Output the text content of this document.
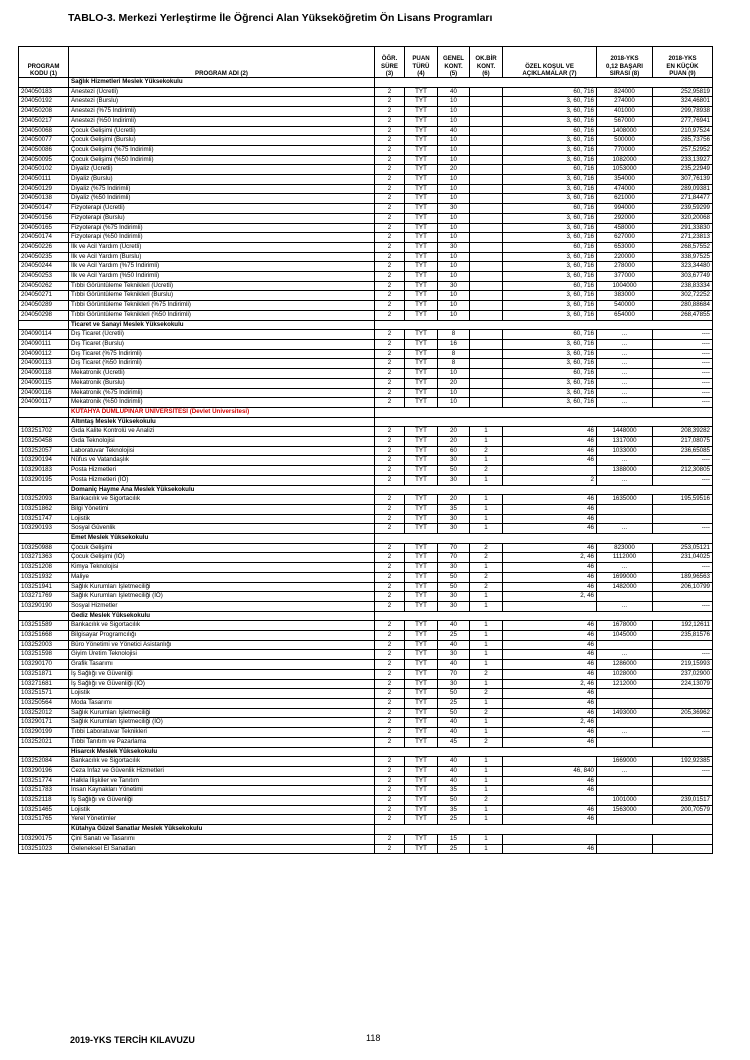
TABLO-3. Merkezi Yerleştirme İle Öğrenci Alan Yükseköğretim Ön Lisans Programları
PROGRAM
KODU (1)	PROGRAM ADI (2)	ÖĞR.
SÜRE
(3)	PUAN
TÜRÜ
(4)	GENEL
KONT.
(5)	OK.BİR
KONT.
(6)	ÖZEL KOŞUL VE
AÇIKLAMALAR (7)	2018-YKS
0,12 BAŞARI
SIRASI (8)	2018-YKS
EN KÜÇÜK
PUAN (9)
	Sağlık Hizmetleri Meslek Yüksekokulu							
204050183	Anestezi (Ücretli)	2	TYT	40		60, 716	824000	252,95819
204050192	Anestezi (Burslu)	2	TYT	10		3, 60, 716	274000	324,46801
204050208	Anestezi (%75 İndirimli)	2	TYT	10		3, 60, 716	401000	299,78938
204050217	Anestezi (%50 İndirimli)	2	TYT	10		3, 60, 716	567000	277,76941
204050068	Çocuk Gelişimi (Ücretli)	2	TYT	40		60, 716	1408000	210,97524
204050077	Çocuk Gelişimi (Burslu)	2	TYT	10		3, 60, 716	500000	285,73756
204050086	Çocuk Gelişimi (%75 İndirimli)	2	TYT	10		3, 60, 716	770000	257,52952
204050095	Çocuk Gelişimi (%50 İndirimli)	2	TYT	10		3, 60, 716	1082000	233,13927
204050102	Diyaliz (Ücretli)	2	TYT	20		60, 716	1053000	235,22949
204050111	Diyaliz (Burslu)	2	TYT	10		3, 60, 716	354000	307,76139
204050129	Diyaliz (%75 İndirimli)	2	TYT	10		3, 60, 716	474000	289,09381
204050138	Diyaliz (%50 İndirimli)	2	TYT	10		3, 60, 716	621000	271,84477
204050147	Fizyoterapi (Ücretli)	2	TYT	30		60, 716	994000	239,59299
204050156	Fizyoterapi (Burslu)	2	TYT	10		3, 60, 716	292000	320,20068
204050165	Fizyoterapi (%75 İndirimli)	2	TYT	10		3, 60, 716	458000	291,33830
204050174	Fizyoterapi (%50 İndirimli)	2	TYT	10		3, 60, 716	627000	271,23813
204050226	İlk ve Acil Yardım (Ücretli)	2	TYT	30		60, 716	653000	268,57552
204050235	İlk ve Acil Yardım (Burslu)	2	TYT	10		3, 60, 716	220000	338,97525
204050244	İlk ve Acil Yardım (%75 İndirimli)	2	TYT	10		3, 60, 716	278000	323,34480
204050253	İlk ve Acil Yardım (%50 İndirimli)	2	TYT	10		3, 60, 716	377000	303,67749
204050262	Tıbbi Görüntüleme Teknikleri (Ücretli)	2	TYT	30		60, 716	1004000	238,83334
204050271	Tıbbi Görüntüleme Teknikleri (Burslu)	2	TYT	10		3, 60, 716	383000	302,72252
204050289	Tıbbi Görüntüleme Teknikleri (%75 İndirimli)	2	TYT	10		3, 60, 716	540000	280,88684
204050298	Tıbbi Görüntüleme Teknikleri (%50 İndirimli)	2	TYT	10		3, 60, 716	654000	268,47855
	Ticaret ve Sanayi Meslek Yüksekokulu							
204090114	Dış Ticaret (Ücretli)	2	TYT	8		60, 716	...	----
204090111	Dış Ticaret (Burslu)	2	TYT	16		3, 60, 716	...	----
204090112	Dış Ticaret (%75 İndirimli)	2	TYT	8		3, 60, 716	...	----
204090113	Dış Ticaret (%50 İndirimli)	2	TYT	8		3, 60, 716	...	----
204090118	Mekatronik (Ücretli)	2	TYT	10		60, 716	...	----
204090115	Mekatronik (Burslu)	2	TYT	20		3, 60, 716	...	----
204090116	Mekatronik (%75 İndirimli)	2	TYT	10		3, 60, 716	...	----
204090117	Mekatronik (%50 İndirimli)	2	TYT	10		3, 60, 716	...	----
	KÜTAHYA DUMLUPINAR ÜNİVERSİTESİ (Devlet Üniversitesi)							
	Altıntaş Meslek Yüksekokulu							
103251702	Gıda Kalite Kontrolü ve Analizi	2	TYT	20	1	46	1448000	208,39282
103250458	Gıda Teknolojisi	2	TYT	20	1	46	1317000	217,08075
103252057	Laboratuvar Teknolojisi	2	TYT	60	2	46	1033000	236,65085
103290194	Nüfus ve Vatandaşlık	2	TYT	30	1	46	...	----
103290183	Posta Hizmetleri	2	TYT	50	2		1388000	212,30805
103290195	Posta Hizmetleri (İÖ)	2	TYT	30	1	2	...	----
	Domaniç Hayme Ana Meslek Yüksekokulu							
103252093	Bankacılık ve Sigortacılık	2	TYT	20	1	46	1635000	195,59516
103251862	Bilgi Yönetimi	2	TYT	35	1	46		
103251747	Lojistik	2	TYT	30	1	46		
103290193	Sosyal Güvenlik	2	TYT	30	1	46	...	----
	Emet Meslek Yüksekokulu							
103250988	Çocuk Gelişimi	2	TYT	70	2	46	823000	253,05121
103271363	Çocuk Gelişimi (İÖ)	2	TYT	70	2	2, 46	1112000	231,04025
103251208	Kimya Teknolojisi	2	TYT	30	1	46	...	----
103251932	Maliye	2	TYT	50	2	46	1699000	189,96563
103251941	Sağlık Kurumları İşletmeciliği	2	TYT	50	2	46	1482000	206,10799
103271769	Sağlık Kurumları İşletmeciliği (İÖ)	2	TYT	30	1	2, 46		
103290190	Sosyal Hizmetler	2	TYT	30	1		...	----
	Gediz Meslek Yüksekokulu							
103251589	Bankacılık ve Sigortacılık	2	TYT	40	1	46	1678000	192,12611
103251668	Bilgisayar Programcılığı	2	TYT	25	1	46	1045000	235,81576
103252003	Büro Yönetimi ve Yönetici Asistanlığı	2	TYT	40	1	46		
103251598	Giyim Üretim Teknolojisi	2	TYT	30	1	46	...	----
103290170	Grafik Tasarımı	2	TYT	40	1	46	1286000	219,15993
103251871	İş Sağlığı ve Güvenliği	2	TYT	70	2	46	1028000	237,02900
103271681	İş Sağlığı ve Güvenliği (İÖ)	2	TYT	30	1	2, 46	1212000	224,13079
103251571	Lojistik	2	TYT	50	2	46		
103250564	Moda Tasarımı	2	TYT	25	1	46		
103252012	Sağlık Kurumları İşletmeciliği	2	TYT	50	2	46	1493000	205,36962
103290171	Sağlık Kurumları İşletmeciliği (İÖ)	2	TYT	40	1	2, 46		
103290199	Tıbbi Laboratuvar Teknikleri	2	TYT	40	1	46	...	----
103252021	Tıbbi Tanıtım ve Pazarlama	2	TYT	45	2	46		
	Hisarcık Meslek Yüksekokulu							
103252084	Bankacılık ve Sigortacılık	2	TYT	40	1		1669000	192,92385
103290196	Ceza İnfaz ve Güvenlik Hizmetleri	2	TYT	40	1	46, 840	...	----
103251774	Halkla İlişkiler ve Tanıtım	2	TYT	40	1	46		
103251783	İnsan Kaynakları Yönetimi	2	TYT	35	1	46		
103252118	İş Sağlığı ve Güvenliği	2	TYT	50	2		1001000	239,01517
103251465	Lojistik	2	TYT	35	1	46	1563000	200,70579
103251765	Yerel Yönetimler	2	TYT	25	1	46		
	Kütahya Güzel Sanatlar Meslek Yüksekokulu							
103290175	Çini Sanatı ve Tasarımı	2	TYT	15	1			
103251023	Geleneksel El Sanatları	2	TYT	25	1	46		
2019-YKS TERCİH KILAVUZU	118
